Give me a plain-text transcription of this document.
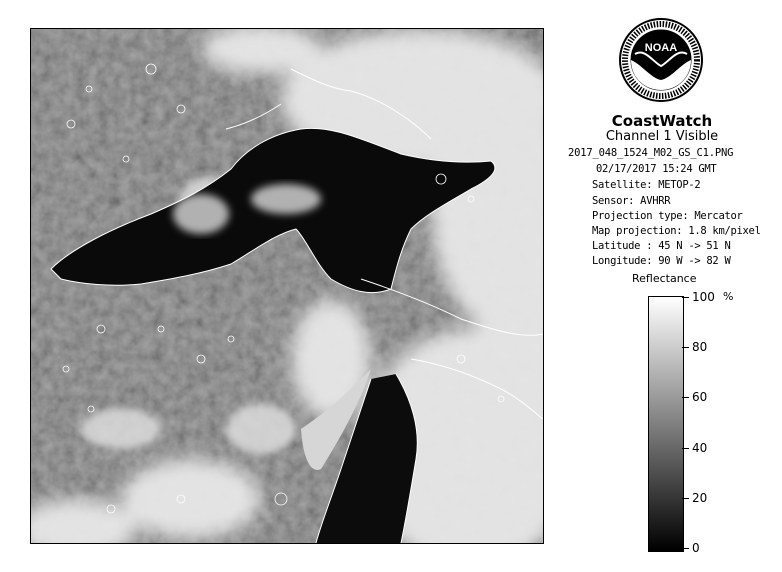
NOAA
CoastWatch
Channel 1 Visible
2017_048_1524_M02_GS_C1.PNG
02/17/2017 15:24 GMT
Satellite: METOP-2
Sensor: AVHRR
Projection type: Mercator
Map projection: 1.8 km/pixel
Latitude : 45 N -> 51 N
Longitude: 90 W -> 82 W
Reflectance
%
100
80
60
40
20
0
